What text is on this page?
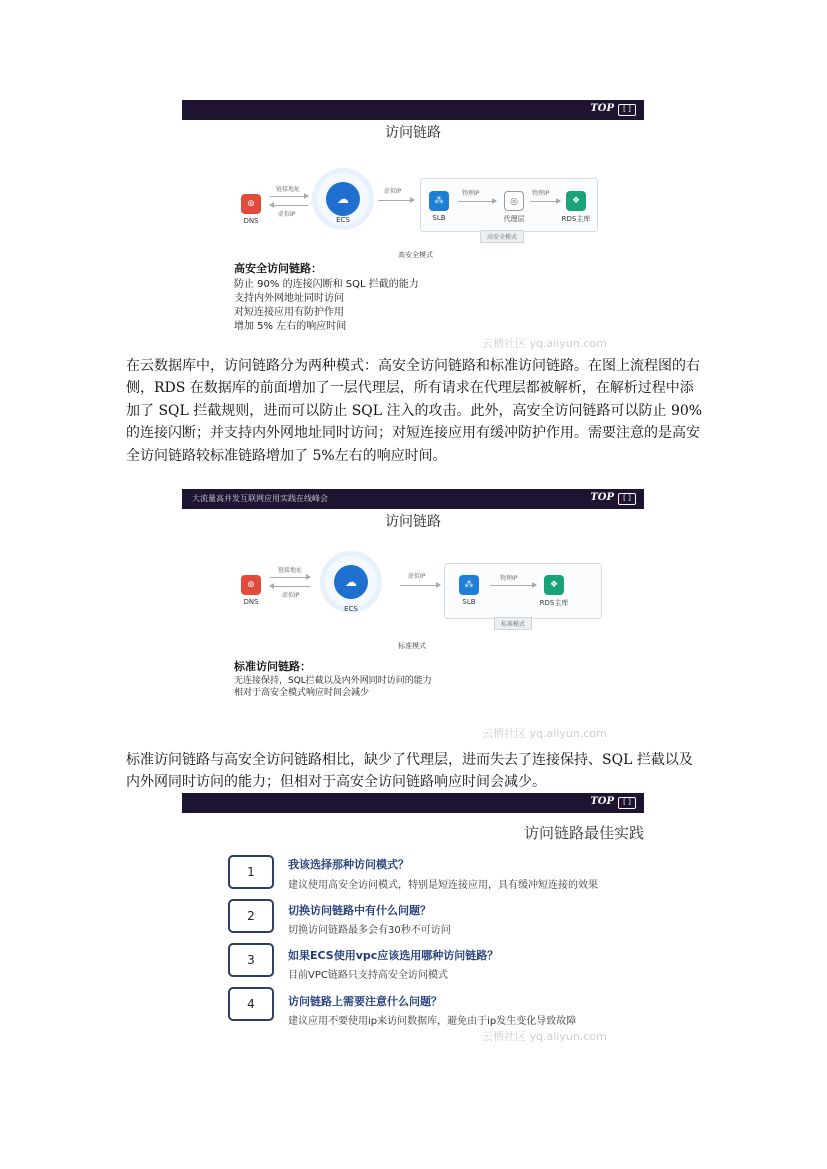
TOP	[ ]
访问链路
⊛
DNS
链接地址
虚拟IP
☁
ECS
虚拟IP
⁂
SLB
物理IP
◎
代理层
物理IP
❖
RDS主库
高安全模式
高安全模式
高安全访问链路：
防止 90% 的连接闪断和 SQL 拦截的能力
支持内外网地址同时访问
对短连接应用有防护作用
增加 5% 左右的响应时间
云栖社区 yq.aliyun.com
在云数据库中，访问链路分为两种模式：高安全访问链路和标准访问链路。在图上流程图的右侧，RDS 在数据库的前面增加了一层代理层，所有请求在代理层都被解析，在解析过程中添加了 SQL 拦截规则，进而可以防止 SQL 注入的攻击。此外，高安全访问链路可以防止 90%的连接闪断；并支持内外网地址同时访问；对短连接应用有缓冲防护作用。需要注意的是高安全访问链路较标准链路增加了 5%左右的响应时间。
大流量高并发互联网应用实践在线峰会	TOP	[ ]
访问链路
⊛
DNS
链接地址
虚拟IP
☁
ECS
虚拟IP
⁂
SLB
物理IP
❖
RDS主库
标准模式
标准模式
标准访问链路：
无连接保持，SQL拦截以及内外网同时访问的能力
相对于高安全模式响应时间会减少
云栖社区 yq.aliyun.com
标准访问链路与高安全访问链路相比，缺少了代理层，进而失去了连接保持、SQL 拦截以及内外网同时访问的能力；但相对于高安全访问链路响应时间会减少。
TOP	[ ]
访问链路最佳实践
1
我该选择那种访问模式？
建议使用高安全访问模式，特别是短连接应用，具有缓冲短连接的效果
2	切换访问链路中有什么问题？
切换访问链路最多会有30秒不可访问
3	如果ECS使用vpc应该选用哪种访问链路？
目前VPC链路只支持高安全访问模式
4	访问链路上需要注意什么问题？
建议应用不要使用ip来访问数据库，避免由于ip发生变化导致故障
云栖社区 yq.aliyun.com
